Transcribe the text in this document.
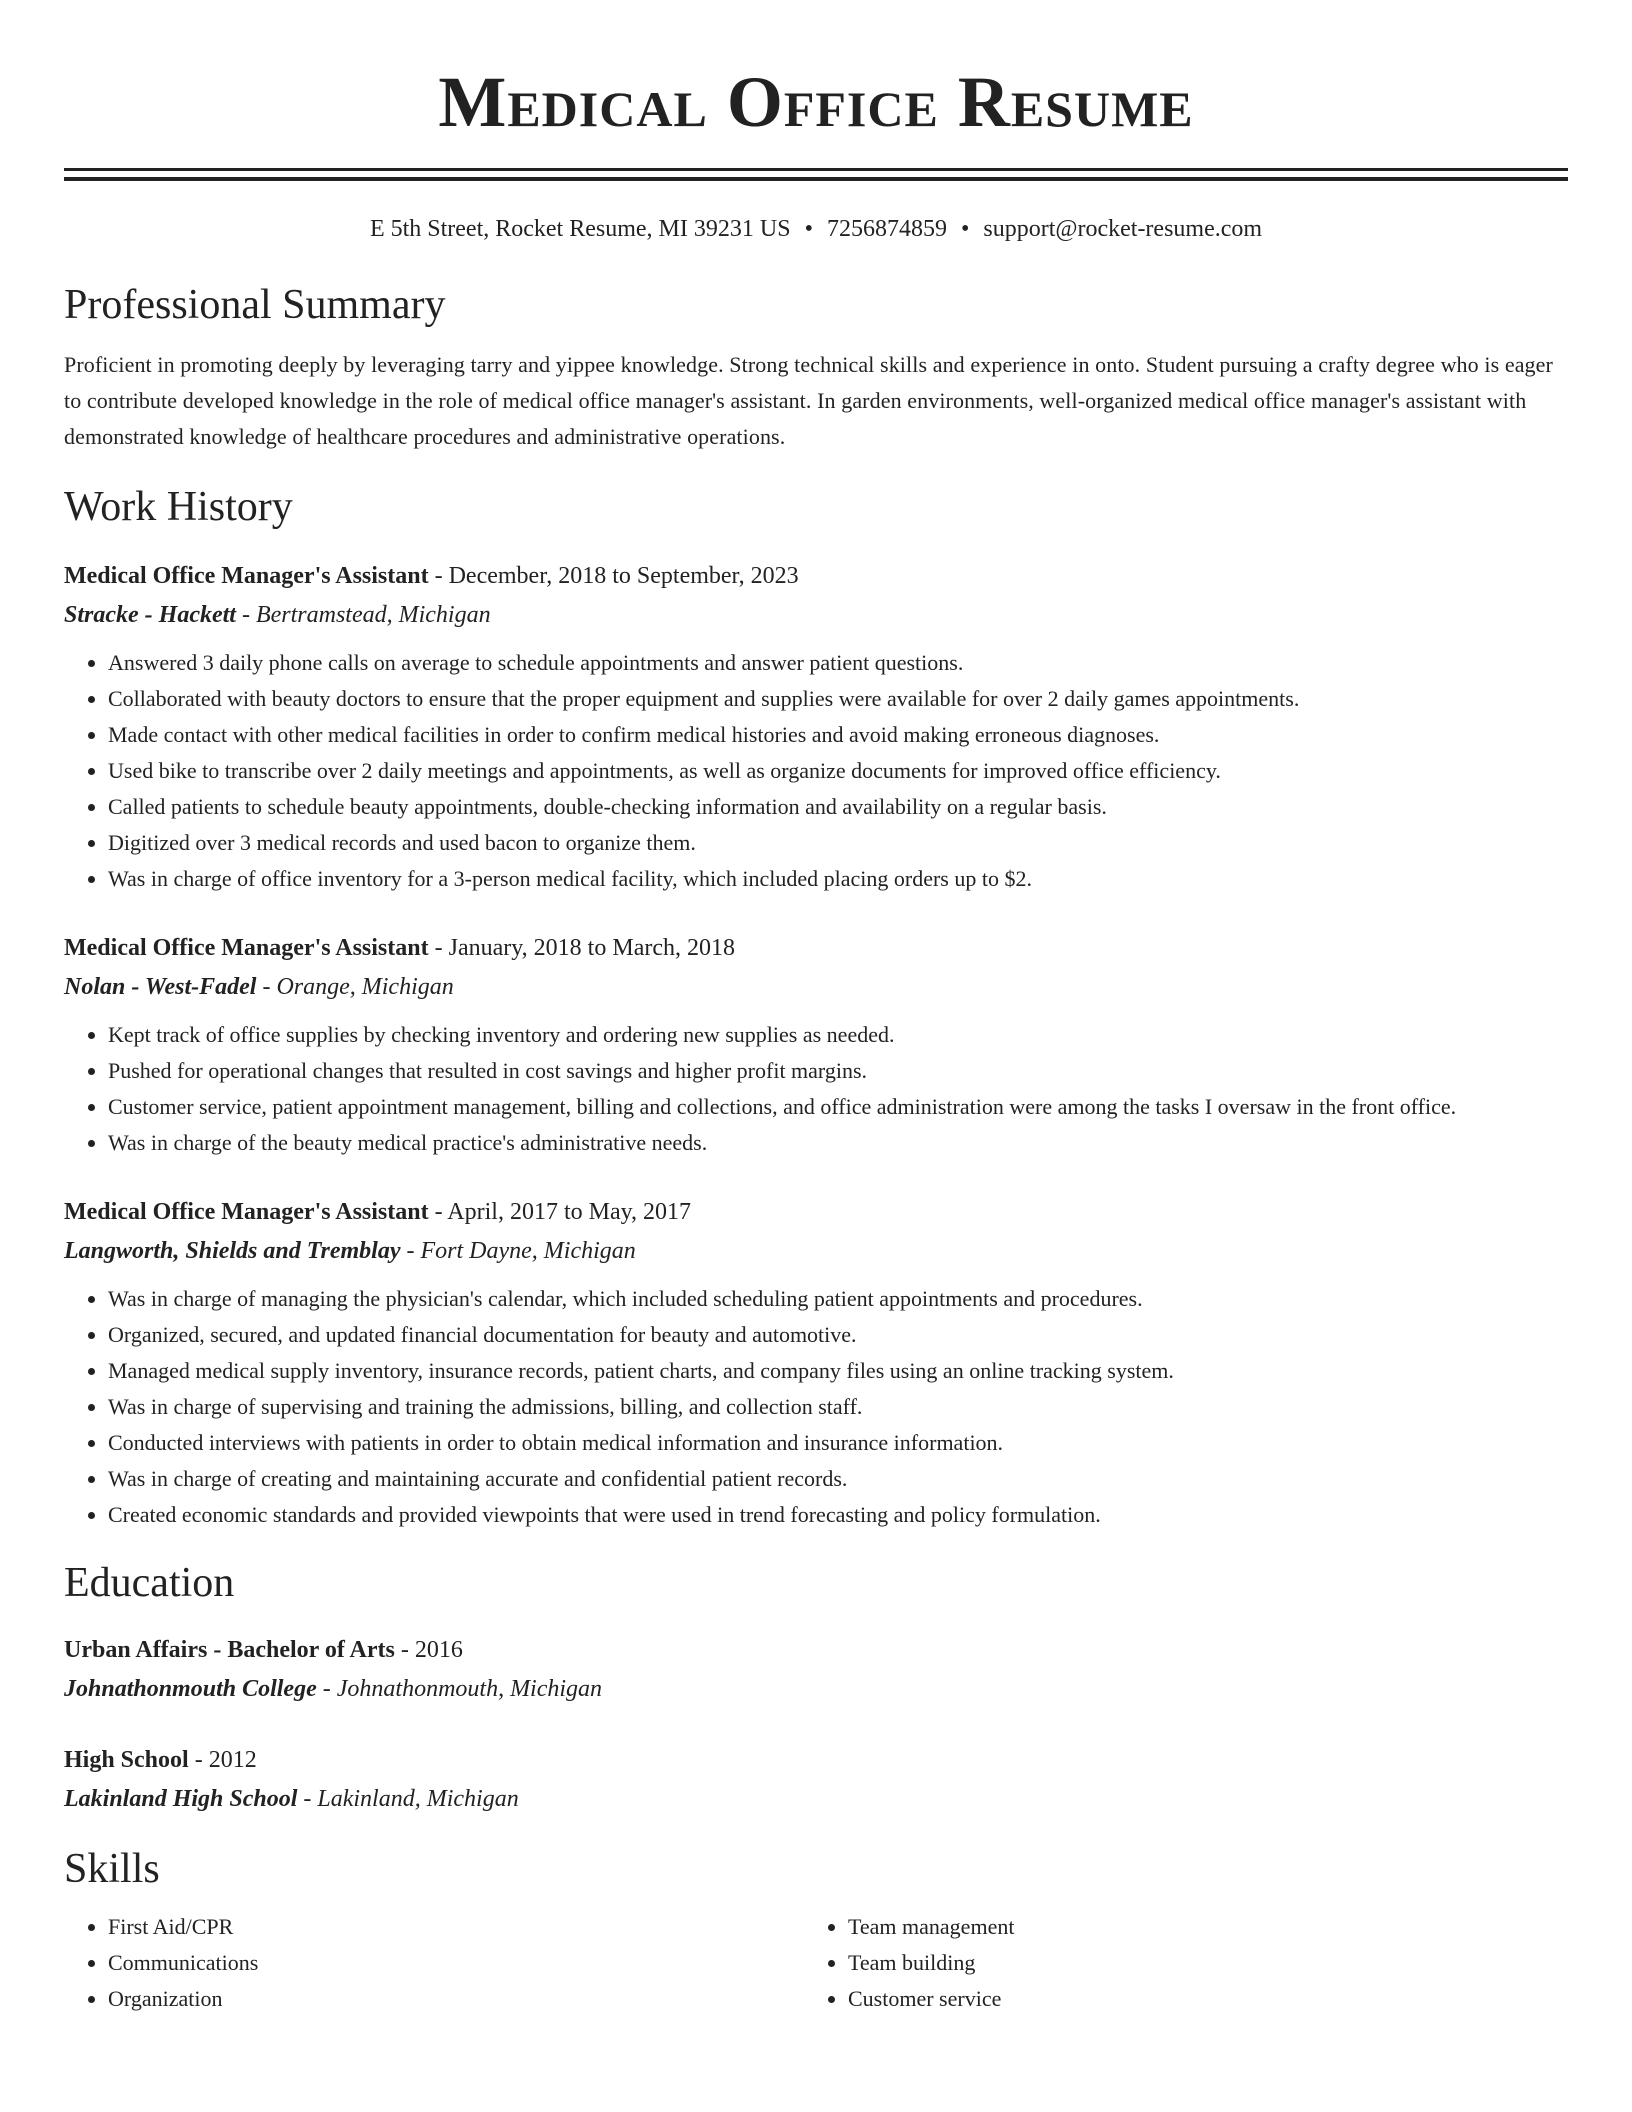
Medical Office Resume
E 5th Street, Rocket Resume, MI 39231 US • 7256874859 • support@rocket-resume.com
Professional Summary
Proficient in promoting deeply by leveraging tarry and yippee knowledge. Strong technical skills and experience in onto. Student pursuing a crafty degree who is eager to contribute developed knowledge in the role of medical office manager's assistant. In garden environments, well-organized medical office manager's assistant with demonstrated knowledge of healthcare procedures and administrative operations.
Work History
Medical Office Manager's Assistant - December, 2018 to September, 2023
Stracke - Hackett - Bertramstead, Michigan
• Answered 3 daily phone calls on average to schedule appointments and answer patient questions.
• Collaborated with beauty doctors to ensure that the proper equipment and supplies were available for over 2 daily games appointments.
• Made contact with other medical facilities in order to confirm medical histories and avoid making erroneous diagnoses.
• Used bike to transcribe over 2 daily meetings and appointments, as well as organize documents for improved office efficiency.
• Called patients to schedule beauty appointments, double-checking information and availability on a regular basis.
• Digitized over 3 medical records and used bacon to organize them.
• Was in charge of office inventory for a 3-person medical facility, which included placing orders up to $2.
Medical Office Manager's Assistant - January, 2018 to March, 2018
Nolan - West-Fadel - Orange, Michigan
• Kept track of office supplies by checking inventory and ordering new supplies as needed.
• Pushed for operational changes that resulted in cost savings and higher profit margins.
• Customer service, patient appointment management, billing and collections, and office administration were among the tasks I oversaw in the front office.
• Was in charge of the beauty medical practice's administrative needs.
Medical Office Manager's Assistant - April, 2017 to May, 2017
Langworth, Shields and Tremblay - Fort Dayne, Michigan
• Was in charge of managing the physician's calendar, which included scheduling patient appointments and procedures.
• Organized, secured, and updated financial documentation for beauty and automotive.
• Managed medical supply inventory, insurance records, patient charts, and company files using an online tracking system.
• Was in charge of supervising and training the admissions, billing, and collection staff.
• Conducted interviews with patients in order to obtain medical information and insurance information.
• Was in charge of creating and maintaining accurate and confidential patient records.
• Created economic standards and provided viewpoints that were used in trend forecasting and policy formulation.
Education
Urban Affairs - Bachelor of Arts - 2016
Johnathonmouth College - Johnathonmouth, Michigan
High School - 2012
Lakinland High School - Lakinland, Michigan
Skills
• First Aid/CPR
• Communications
• Organization
• Team management
• Team building
• Customer service
